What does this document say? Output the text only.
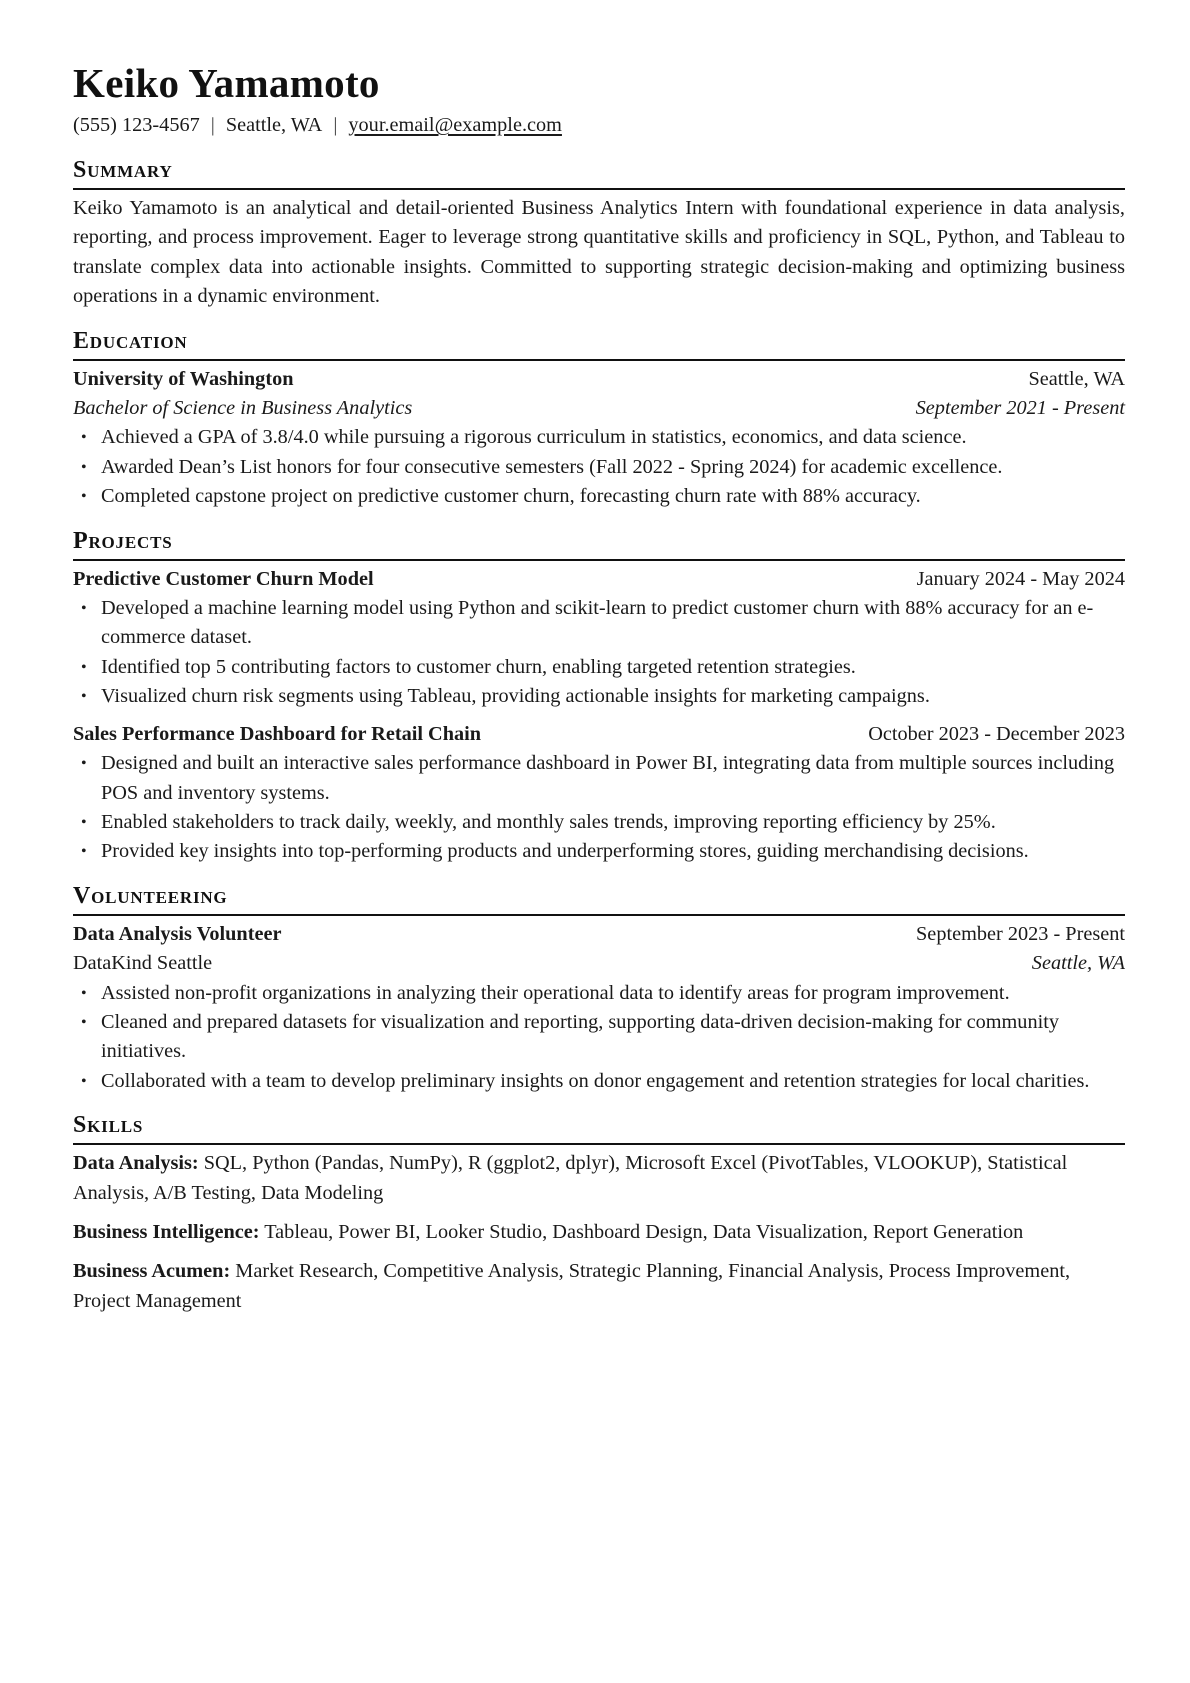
Keiko Yamamoto
(555) 123-4567 | Seattle, WA | your.email@example.com
Summary
Keiko Yamamoto is an analytical and detail-oriented Business Analytics Intern with foundational experience in data analysis, reporting, and process improvement. Eager to leverage strong quantitative skills and proficiency in SQL, Python, and Tableau to translate complex data into actionable insights. Committed to supporting strategic decision-making and optimizing business operations in a dynamic environment.
Education
University of Washington	Seattle, WA
Bachelor of Science in Business Analytics	September 2021 - Present
• Achieved a GPA of 3.8/4.0 while pursuing a rigorous curriculum in statistics, economics, and data science.
• Awarded Dean’s List honors for four consecutive semesters (Fall 2022 - Spring 2024) for academic excellence.
• Completed capstone project on predictive customer churn, forecasting churn rate with 88% accuracy.
Projects
Predictive Customer Churn Model	January 2024 - May 2024
• Developed a machine learning model using Python and scikit-learn to predict customer churn with 88% accuracy for an e-commerce dataset.
• Identified top 5 contributing factors to customer churn, enabling targeted retention strategies.
• Visualized churn risk segments using Tableau, providing actionable insights for marketing campaigns.
Sales Performance Dashboard for Retail Chain	October 2023 - December 2023
• Designed and built an interactive sales performance dashboard in Power BI, integrating data from multiple sources including POS and inventory systems.
• Enabled stakeholders to track daily, weekly, and monthly sales trends, improving reporting efficiency by 25%.
• Provided key insights into top-performing products and underperforming stores, guiding merchandising decisions.
Volunteering
Data Analysis Volunteer	September 2023 - Present
DataKind Seattle	Seattle, WA
• Assisted non-profit organizations in analyzing their operational data to identify areas for program improvement.
• Cleaned and prepared datasets for visualization and reporting, supporting data-driven decision-making for community initiatives.
• Collaborated with a team to develop preliminary insights on donor engagement and retention strategies for local charities.
Skills
Data Analysis: SQL, Python (Pandas, NumPy), R (ggplot2, dplyr), Microsoft Excel (PivotTables, VLOOKUP), Statistical Analysis, A/B Testing, Data Modeling
Business Intelligence: Tableau, Power BI, Looker Studio, Dashboard Design, Data Visualization, Report Generation
Business Acumen: Market Research, Competitive Analysis, Strategic Planning, Financial Analysis, Process Improvement, Project Management
